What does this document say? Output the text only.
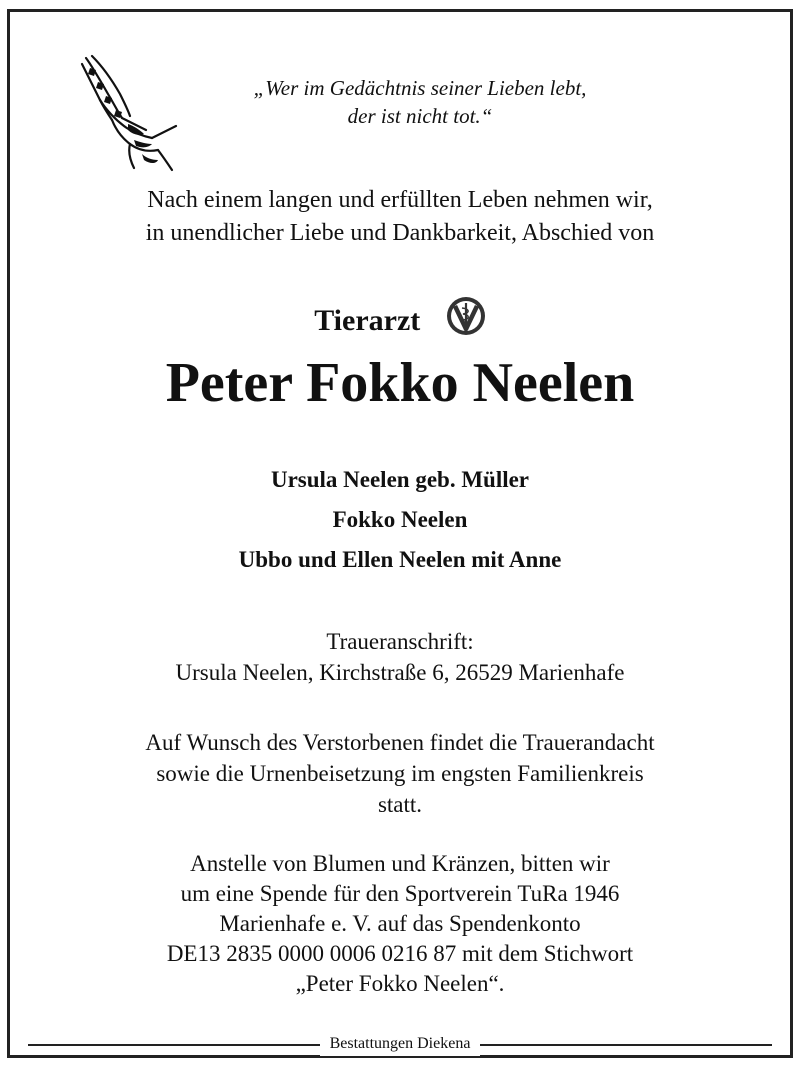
„Wer im Gedächtnis seiner Lieben lebt,
der ist nicht tot.“
Nach einem langen und erfüllten Leben nehmen wir,
in unendlicher Liebe und Dankbarkeit, Abschied von
Tierarzt
Peter Fokko Neelen
Ursula Neelen geb. Müller
Fokko Neelen
Ubbo und Ellen Neelen mit Anne
Traueranschrift:
Ursula Neelen, Kirchstraße 6, 26529 Marienhafe
Auf Wunsch des Verstorbenen findet die Trauerandacht
sowie die Urnenbeisetzung im engsten Familienkreis
statt.
Anstelle von Blumen und Kränzen, bitten wir
um eine Spende für den Sportverein TuRa 1946
Marienhafe e. V. auf das Spendenkonto
DE13 2835 0000 0006 0216 87 mit dem Stichwort
„Peter Fokko Neelen“.
Bestattungen Diekena
